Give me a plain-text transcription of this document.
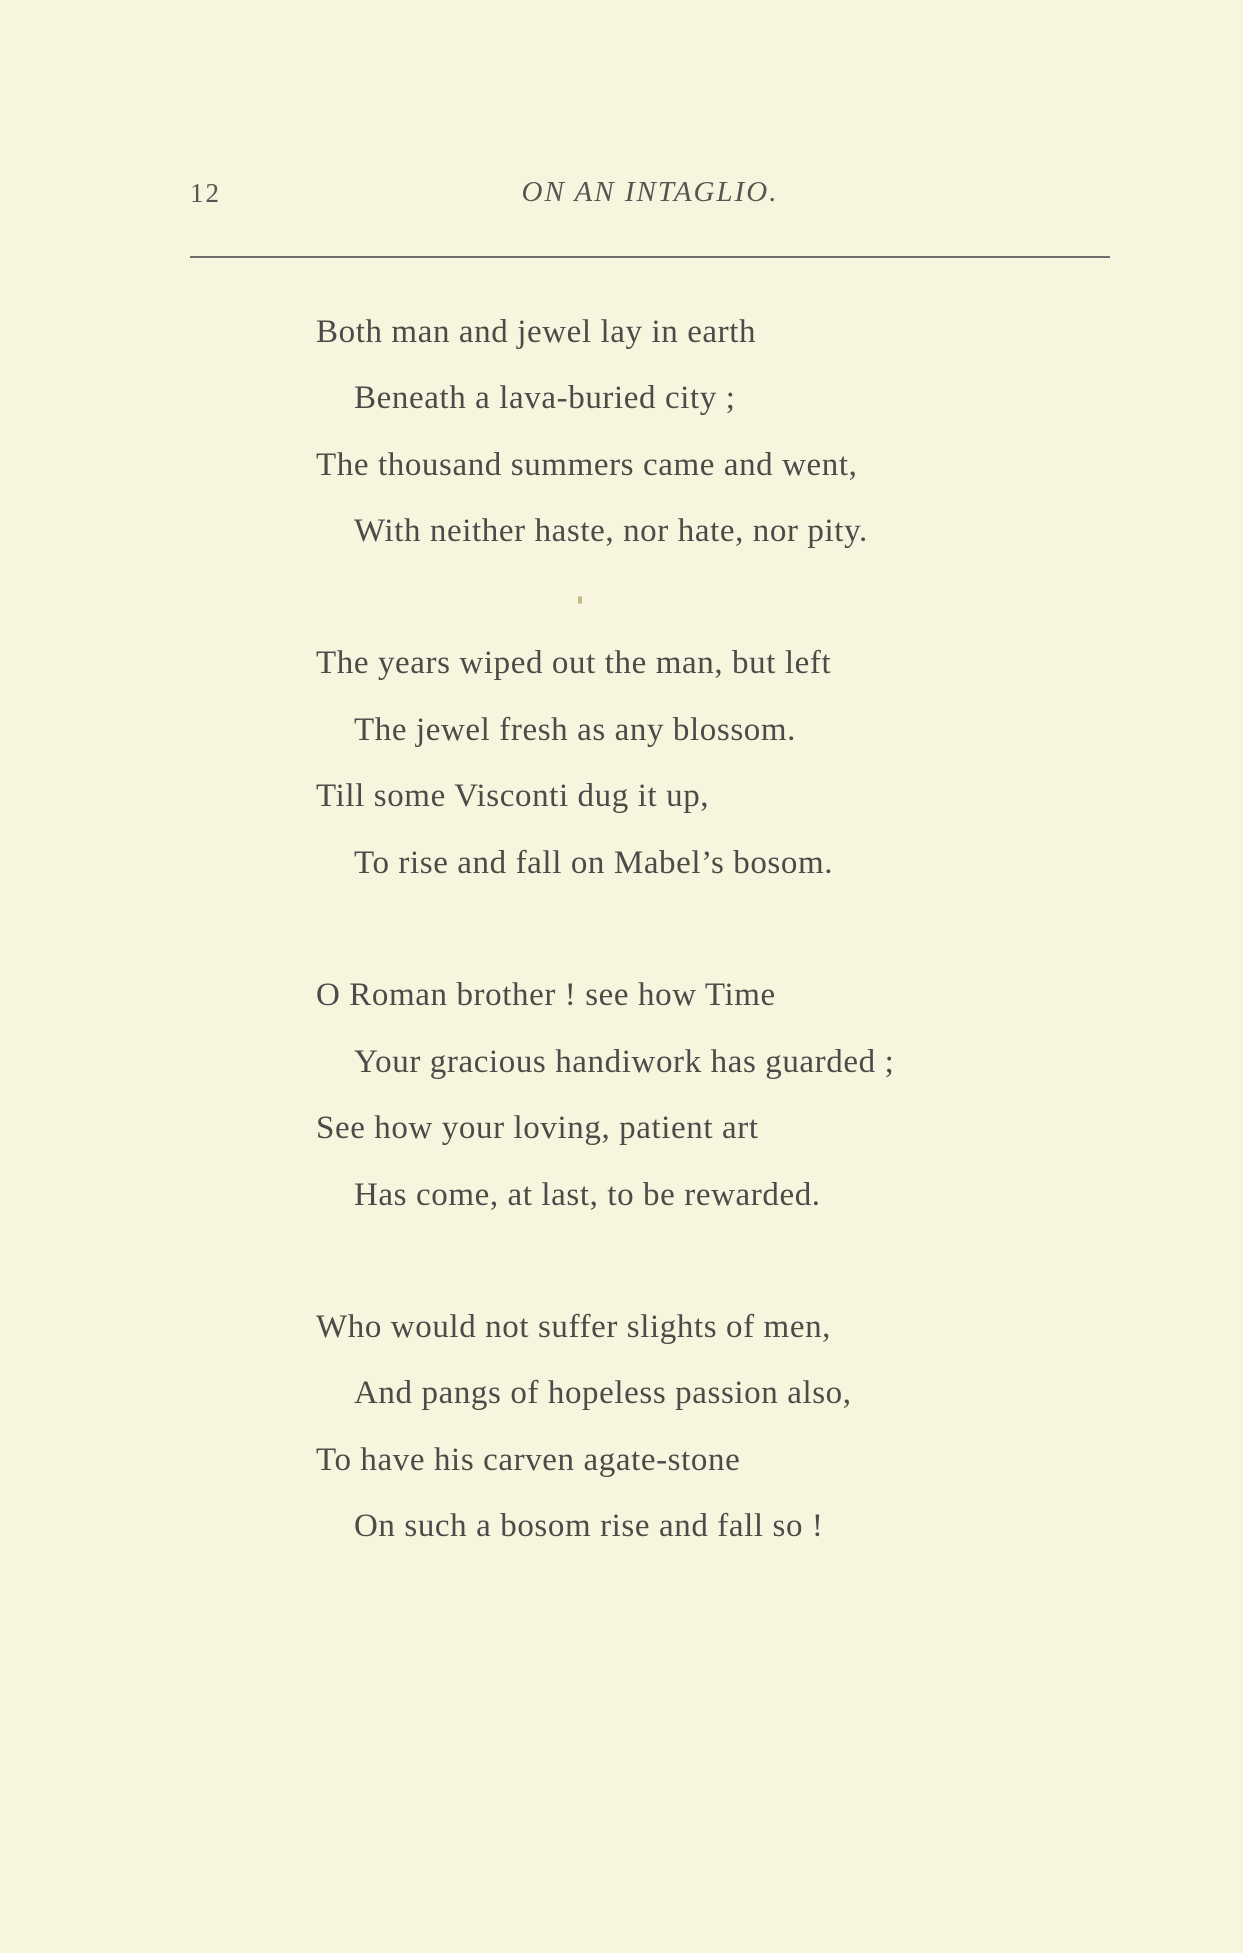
12	ON AN INTAGLIO.
Both man and jewel lay in earth
Beneath a lava-buried city ;
The thousand summers came and went,
With neither haste, nor hate, nor pity.
The years wiped out the man, but left
The jewel fresh as any blossom.
Till some Visconti dug it up,
To rise and fall on Mabel’s bosom.
O Roman brother ! see how Time
Your gracious handiwork has guarded ;
See how your loving, patient art
Has come, at last, to be rewarded.
Who would not suffer slights of men,
And pangs of hopeless passion also,
To have his carven agate-stone
On such a bosom rise and fall so !
